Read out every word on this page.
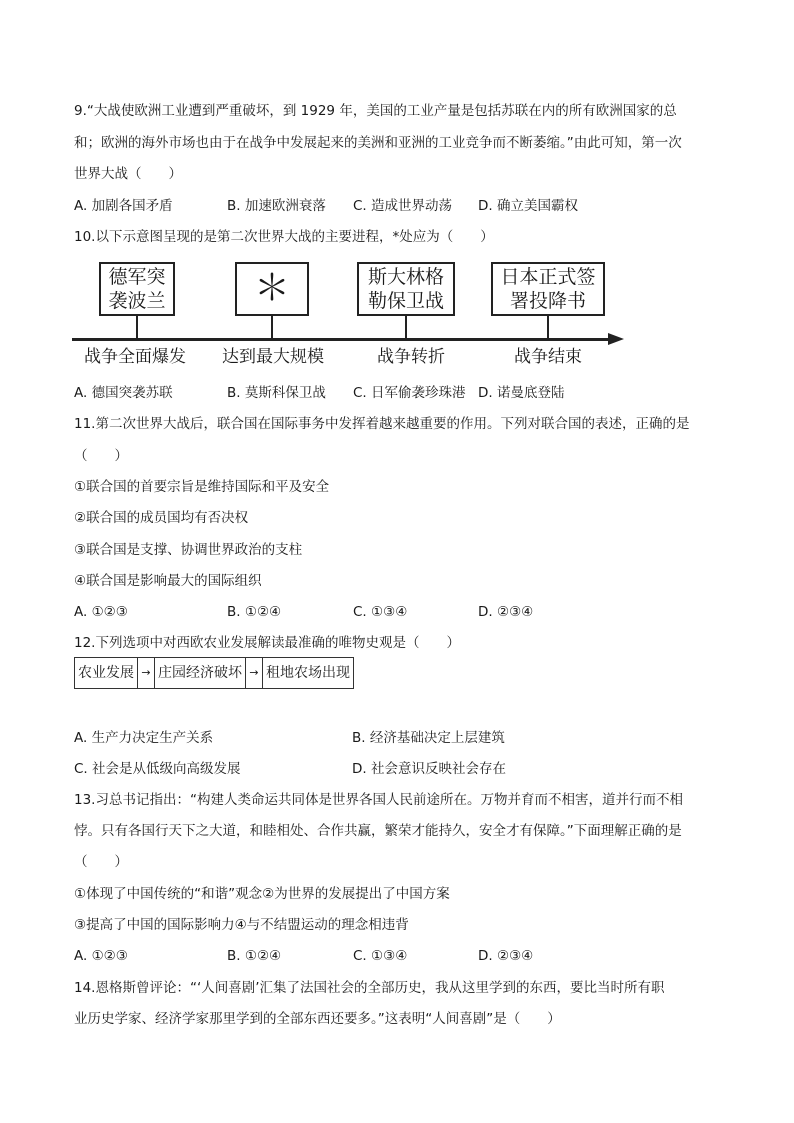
9.“大战使欧洲工业遭到严重破坏，到 1929 年，美国的工业产量是包括苏联在内的所有欧洲国家的总
和；欧洲的海外市场也由于在战争中发展起来的美洲和亚洲的工业竞争而不断萎缩。”由此可知，第一次
世界大战（　　）
A. 加剧各国矛盾	B. 加速欧洲衰落 C. 造成世界动荡 D. 确立美国霸权
10.以下示意图呈现的是第二次世界大战的主要进程，*处应为（　　）
德军突
袭波兰	＊	斯大林格
勒保卫战
日本正式签
署投降书
战争全面爆发 达到最大规模	战争转折	战争结束
A. 德国突袭苏联	B. 莫斯科保卫战 C. 日军偷袭珍珠港 D. 诺曼底登陆
11.第二次世界大战后，联合国在国际事务中发挥着越来越重要的作用。下列对联合国的表述，正确的是
（　　）
①联合国的首要宗旨是维持国际和平及安全
②联合国的成员国均有否决权
③联合国是支撑、协调世界政治的支柱
④联合国是影响最大的国际组织
A. ①②③	B. ①②④	C. ①③④	D. ②③④
12.下列选项中对西欧农业发展解读最准确的唯物史观是（　　）
农业发展 → 庄园经济破坏 → 租地农场出现
A. 生产力决定生产关系	B. 经济基础决定上层建筑
C. 社会是从低级向高级发展	D. 社会意识反映社会存在
13.习总书记指出：“构建人类命运共同体是世界各国人民前途所在。万物并育而不相害，道并行而不相
悖。只有各国行天下之大道，和睦相处、合作共赢，繁荣才能持久，安全才有保障。”下面理解正确的是
（　　）
①体现了中国传统的“和谐”观念②为世界的发展提出了中国方案
③提高了中国的国际影响力④与不结盟运动的理念相违背
A. ①②③	B. ①②④	C. ①③④	D. ②③④
14.恩格斯曾评论：“‘人间喜剧’汇集了法国社会的全部历史，我从这里学到的东西，要比当时所有职
业历史学家、经济学家那里学到的全部东西还要多。”这表明“人间喜剧”是（　　）
